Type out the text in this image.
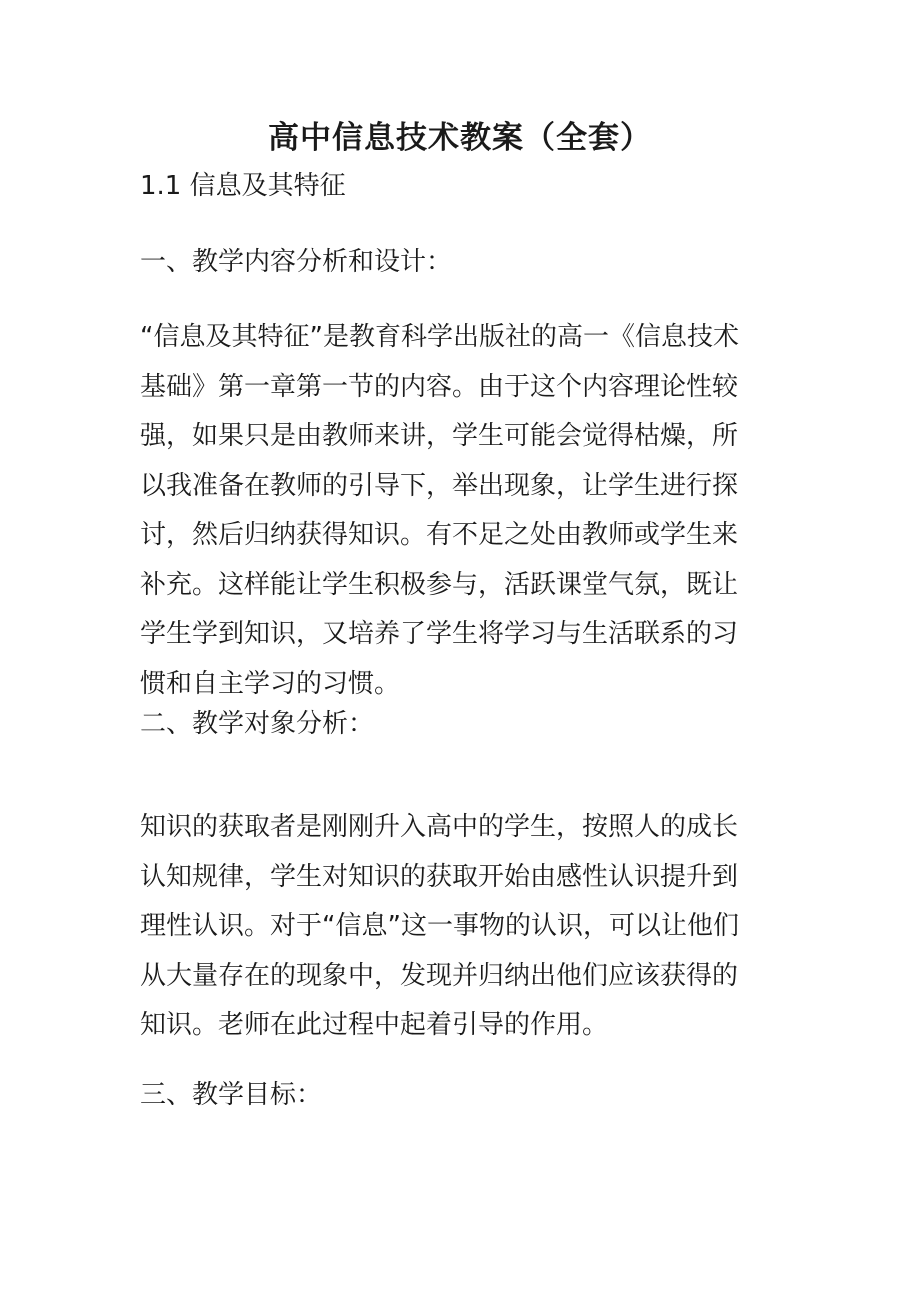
高中信息技术教案（全套）

1.1 信息及其特征

一、教学内容分析和设计：

“信息及其特征”是教育科学出版社的高一《信息技术
基础》第一章第一节的内容。由于这个内容理论性较
强，如果只是由教师来讲，学生可能会觉得枯燥，所
以我准备在教师的引导下，举出现象，让学生进行探
讨，然后归纳获得知识。有不足之处由教师或学生来
补充。这样能让学生积极参与，活跃课堂气氛，既让
学生学到知识，又培养了学生将学习与生活联系的习
惯和自主学习的习惯。

二、教学对象分析：

知识的获取者是刚刚升入高中的学生，按照人的成长
认知规律，学生对知识的获取开始由感性认识提升到
理性认识。对于“信息”这一事物的认识，可以让他们
从大量存在的现象中，发现并归纳出他们应该获得的
知识。老师在此过程中起着引导的作用。

三、教学目标：
